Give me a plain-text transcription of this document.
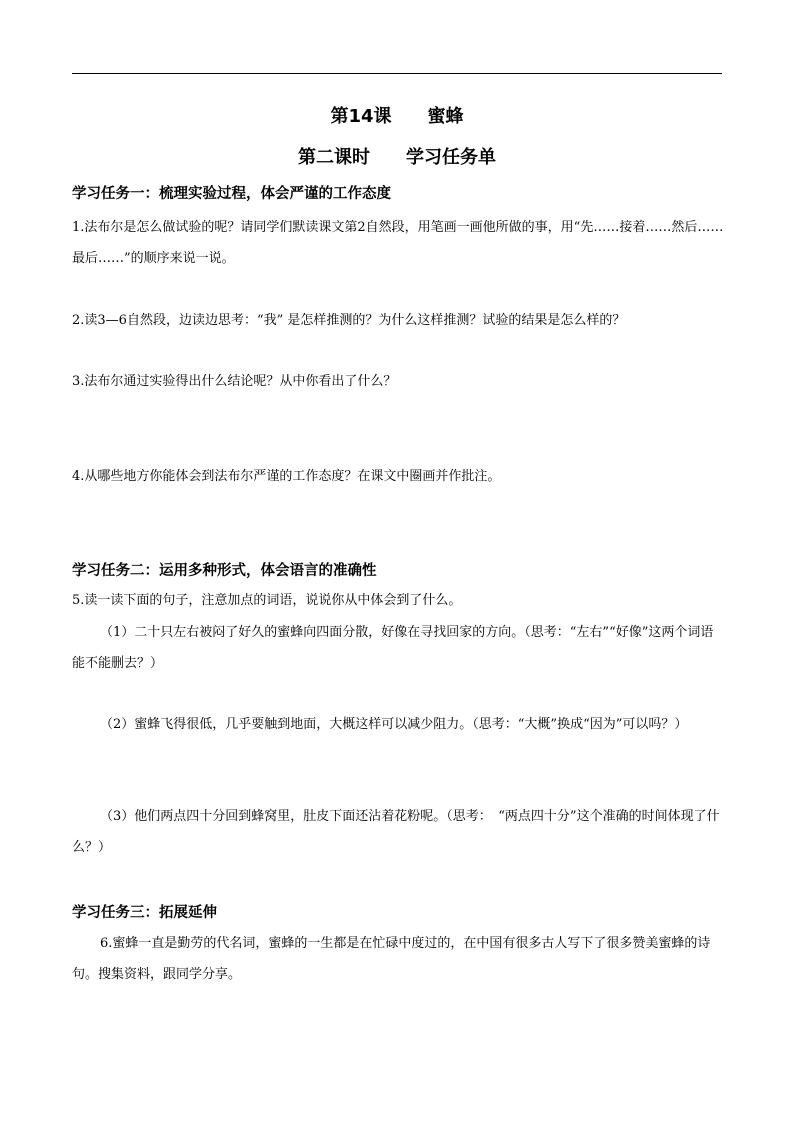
第14课　　蜜蜂
第二课时　　学习任务单
学习任务一：梳理实验过程，体会严谨的工作态度

1.法布尔是怎么做试验的呢？请同学们默读课文第2自然段，用笔画一画他所做的事，用“先……接着……然后……最后……”的顺序来说一说。

2.读3—6自然段，边读边思考：“我” 是怎样推测的？为什么这样推测？试验的结果是怎么样的？

3.法布尔通过实验得出什么结论呢？从中你看出了什么？

4.从哪些地方你能体会到法布尔严谨的工作态度？在课文中圈画并作批注。

学习任务二：运用多种形式，体会语言的准确性

5.读一读下面的句子，注意加点的词语，说说你从中体会到了什么。

（1）二十只左右被闷了好久的蜜蜂向四面分散，好像在寻找回家的方向。（思考：“左右”“好像”这两个词语能不能删去？）

（2）蜜蜂飞得很低，几乎要触到地面，大概这样可以减少阻力。（思考：“大概”换成“因为”可以吗？）

（3）他们两点四十分回到蜂窝里，肚皮下面还沾着花粉呢。（思考：　“两点四十分”这个准确的时间体现了什么？）

学习任务三：拓展延伸

6.蜜蜂一直是勤劳的代名词，蜜蜂的一生都是在忙碌中度过的，在中国有很多古人写下了很多赞美蜜蜂的诗句。搜集资料，跟同学分享。
